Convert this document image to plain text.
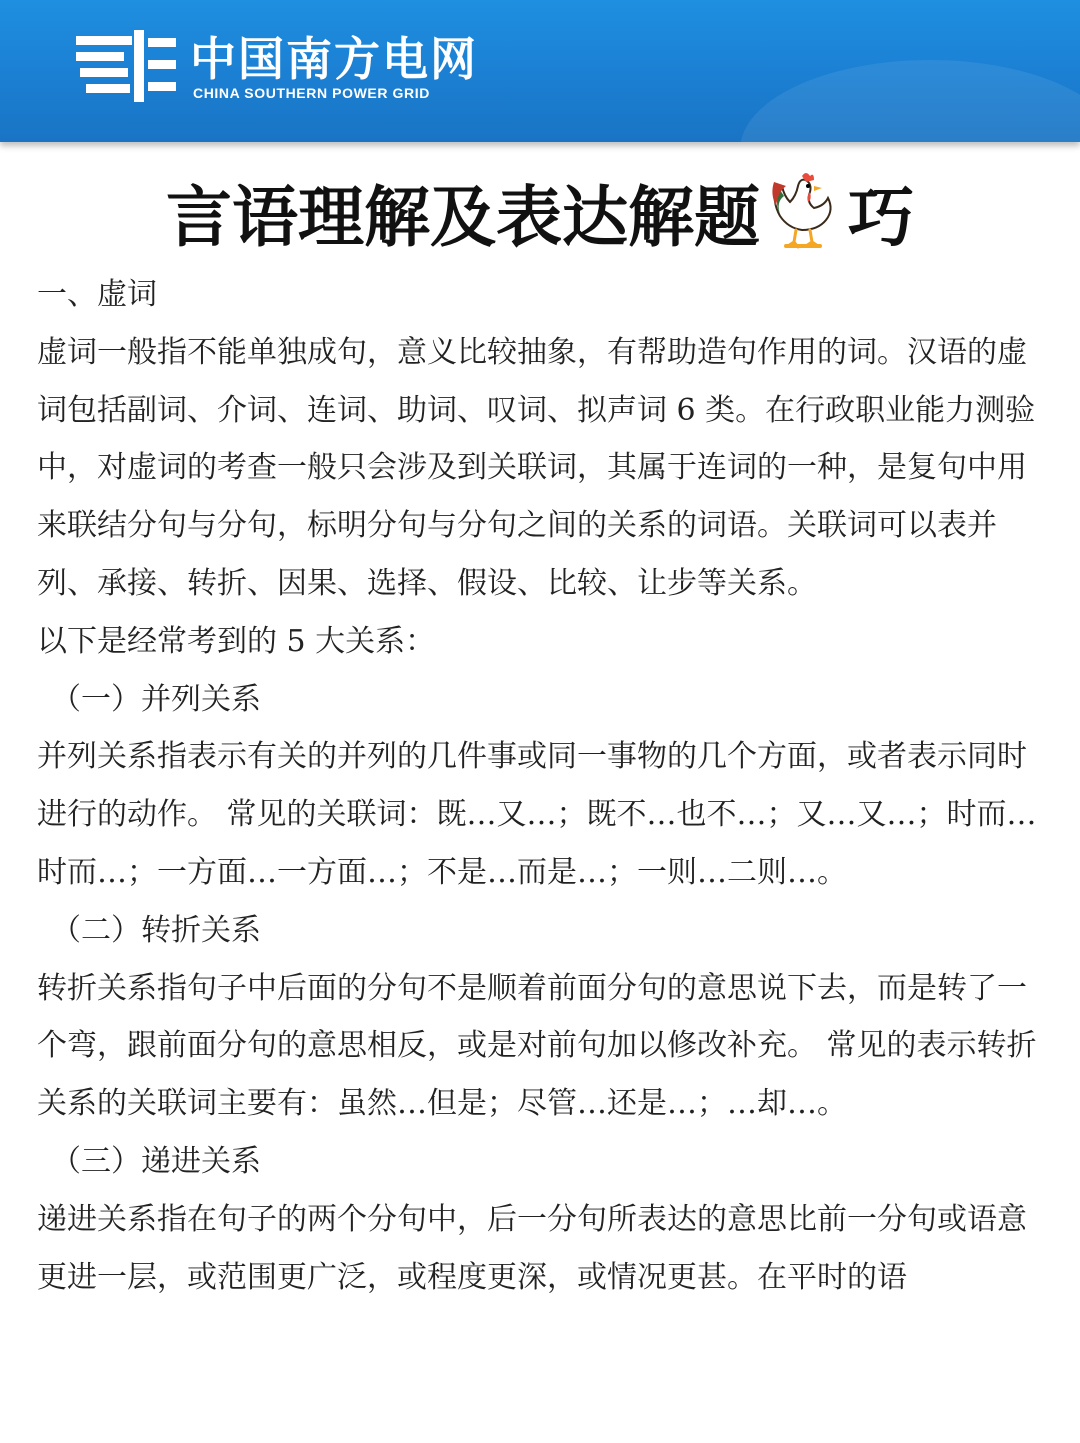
中国南方电网
CHINA SOUTHERN POWER GRID
言语理解及表达解题 巧

一、虚词

虚词一般指不能单独成句，意义比较抽象，有帮助造句作用的词。汉语的虚词包括副词、介词、连词、助词、叹词、拟声词 6 类。在行政职业能力测验中，对虚词的考查一般只会涉及到关联词，其属于连词的一种，是复句中用来联结分句与分句，标明分句与分句之间的关系的词语。关联词可以表并列、承接、转折、因果、选择、假设、比较、让步等关系。

以下是经常考到的 5 大关系：

（一）并列关系

并列关系指表示有关的并列的几件事或同一事物的几个方面，或者表示同时进行的动作。 常见的关联词：既…又…；既不…也不…；又…又…；时而…时而…；一方面…一方面…；不是…而是…；一则…二则…。

（二）转折关系

转折关系指句子中后面的分句不是顺着前面分句的意思说下去，而是转了一个弯，跟前面分句的意思相反，或是对前句加以修改补充。 常见的表示转折关系的关联词主要有：虽然…但是；尽管…还是…；…却…。

（三）递进关系

递进关系指在句子的两个分句中，后一分句所表达的意思比前一分句或语意更进一层，或范围更广泛，或程度更深，或情况更甚。在平时的语
